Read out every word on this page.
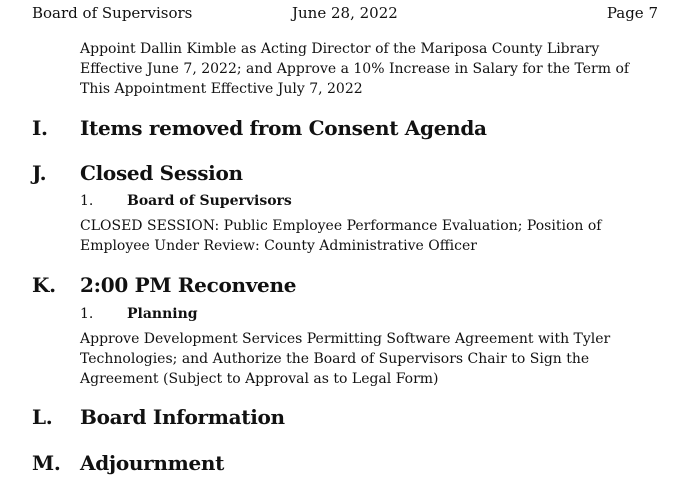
Board of Supervisors	June 28, 2022	Page 7
Appoint Dallin Kimble as Acting Director of the Mariposa County Library
Effective June 7, 2022; and Approve a 10% Increase in Salary for the Term of
This Appointment Effective July 7, 2022
I. Items removed from Consent Agenda
J. Closed Session
1. Board of Supervisors
CLOSED SESSION: Public Employee Performance Evaluation; Position of
Employee Under Review: County Administrative Officer
K. 2:00 PM Reconvene
1. Planning
Approve Development Services Permitting Software Agreement with Tyler
Technologies; and Authorize the Board of Supervisors Chair to Sign the
Agreement (Subject to Approval as to Legal Form)
L. Board Information
M. Adjournment
